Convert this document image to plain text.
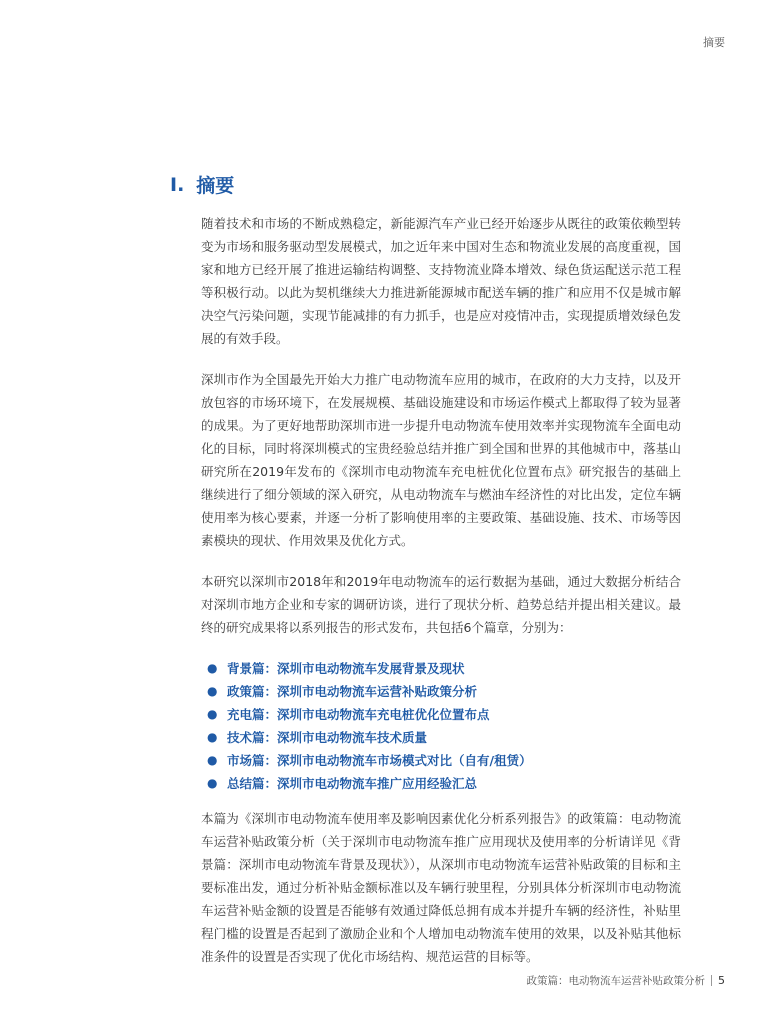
摘要
I. 摘要

随着技术和市场的不断成熟稳定，新能源汽车产业已经开始逐步从既往的政策依赖型转变为市场和服务驱动型发展模式，加之近年来中国对生态和物流业发展的高度重视，国家和地方已经开展了推进运输结构调整、支持物流业降本增效、绿色货运配送示范工程等积极行动。以此为契机继续大力推进新能源城市配送车辆的推广和应用不仅是城市解决空气污染问题，实现节能减排的有力抓手，也是应对疫情冲击，实现提质增效绿色发展的有效手段。

深圳市作为全国最先开始大力推广电动物流车应用的城市，在政府的大力支持，以及开放包容的市场环境下，在发展规模、基础设施建设和市场运作模式上都取得了较为显著的成果。为了更好地帮助深圳市进一步提升电动物流车使用效率并实现物流车全面电动化的目标，同时将深圳模式的宝贵经验总结并推广到全国和世界的其他城市中，落基山研究所在2019年发布的《深圳市电动物流车充电桩优化位置布点》研究报告的基础上继续进行了细分领域的深入研究，从电动物流车与燃油车经济性的对比出发，定位车辆使用率为核心要素，并逐一分析了影响使用率的主要政策、基础设施、技术、市场等因素模块的现状、作用效果及优化方式。

本研究以深圳市2018年和2019年电动物流车的运行数据为基础，通过大数据分析结合对深圳市地方企业和专家的调研访谈，进行了现状分析、趋势总结并提出相关建议。最终的研究成果将以系列报告的形式发布，共包括6个篇章，分别为：

● 背景篇：深圳市电动物流车发展背景及现状
● 政策篇：深圳市电动物流车运营补贴政策分析
● 充电篇：深圳市电动物流车充电桩优化位置布点
● 技术篇：深圳市电动物流车技术质量
● 市场篇：深圳市电动物流车市场模式对比（自有/租赁）
● 总结篇：深圳市电动物流车推广应用经验汇总

本篇为《深圳市电动物流车使用率及影响因素优化分析系列报告》的政策篇：电动物流车运营补贴政策分析（关于深圳市电动物流车推广应用现状及使用率的分析请详见《背景篇：深圳市电动物流车背景及现状》），从深圳市电动物流车运营补贴政策的目标和主要标准出发，通过分析补贴金额标准以及车辆行驶里程，分别具体分析深圳市电动物流车运营补贴金额的设置是否能够有效通过降低总拥有成本并提升车辆的经济性，补贴里程门槛的设置是否起到了激励企业和个人增加电动物流车使用的效果，以及补贴其他标准条件的设置是否实现了优化市场结构、规范运营的目标等。

政策篇：电动物流车运营补贴政策分析 5
